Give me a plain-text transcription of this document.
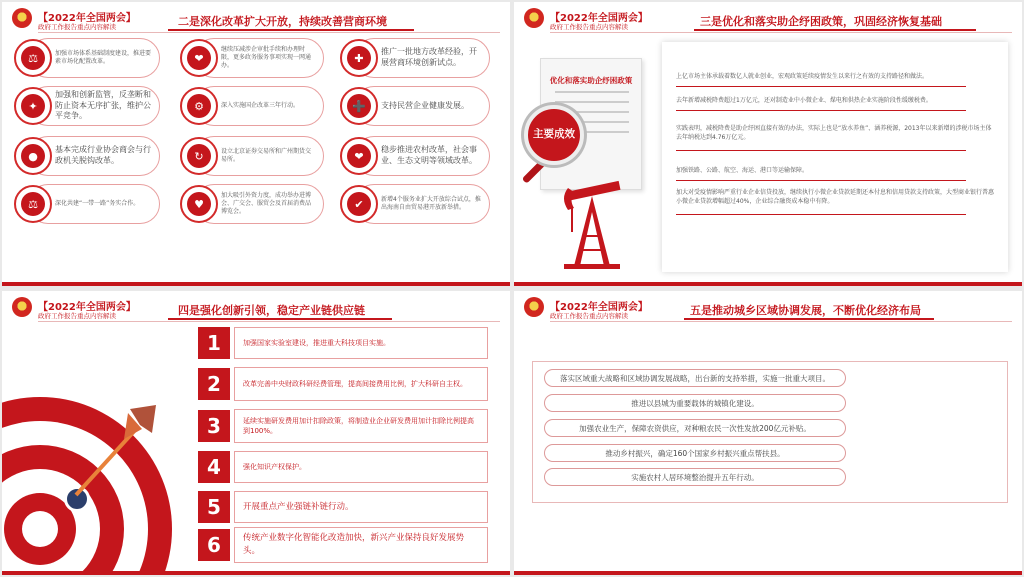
【2022年全国两会】
政府工作报告重点内容解读	二是深化改革扩大开放，持续改善营商环境
加强市场体系基础制度建设，推进要素市场化配置改革。
⚖
继续压减涉企审批手续和办理时限，更多政务服务事项实现一网通办。
❤	推广一批地方改革经验，开展营商环境创新试点。
✚
加强和创新监管，反垄断和防止资本无序扩张，维护公平竞争。
✦	深入实施国企改革三年行动。
⚙	支持民营企业健康发展。
➕
基本完成行业协会商会与行政机关脱钩改革。
●	设立北京证券交易所和广州期货交易所。
↻	稳步推进农村改革，社会事业、生态文明等领域改革。
❤
深化共建“一带一路”务实合作。
⚖
加大吸引外资力度，成功举办进博会、广交会、服贸会及首届消费品博览会。
♥	新增4个服务业扩大开放综合试点，推出海南自由贸易港开放新举措。
✔
【2022年全国两会】
政府工作报告重点内容解读	三是优化和落实助企纾困政策，巩固经济恢复基础
优化和落实助企纾困政策
主要成效
上亿市场主体承载着数亿人就业创业，宏观政策延续疫情发生以来行之有效的支持路径和做法。
去年新增减税降费超过1万亿元，还对制造业中小微企业、煤电和供热企业实施阶段性缓缴税费。
实践表明，减税降费是助企纾困直接有效的办法，实际上也是“放水养鱼”、涵养税源，2013年以来新增的涉税市场主体去年纳税达到4.76万亿元。
加强铁路、公路、航空、海运、港口等运输保障。
加大对受疫情影响严重行业企业信贷投放，继续执行小微企业贷款延期还本付息和信用贷款支持政策，大型商业银行普惠小微企业贷款增幅超过40%，企业综合融资成本稳中有降。
【2022年全国两会】
政府工作报告重点内容解读	四是强化创新引领，稳定产业链供应链
1	加强国家实验室建设，推进重大科技项目实施。
2	改革完善中央财政科研经费管理，提高间接费用比例，扩大科研自主权。
3	延续实施研发费用加计扣除政策，将制造业企业研发费用加计扣除比例提高到100%。
4	强化知识产权保护。
5	开展重点产业强链补链行动。
6	传统产业数字化智能化改造加快，新兴产业保持良好发展势头。
【2022年全国两会】
政府工作报告重点内容解读	五是推动城乡区域协调发展，不断优化经济布局
落实区域重大战略和区域协调发展战略，出台新的支持举措，实施一批重大项目。
推进以县城为重要载体的城镇化建设。
加强农业生产，保障农资供应，对种粮农民一次性发放200亿元补贴。
推动乡村振兴，确定160个国家乡村振兴重点帮扶县。
实施农村人居环境整治提升五年行动。
